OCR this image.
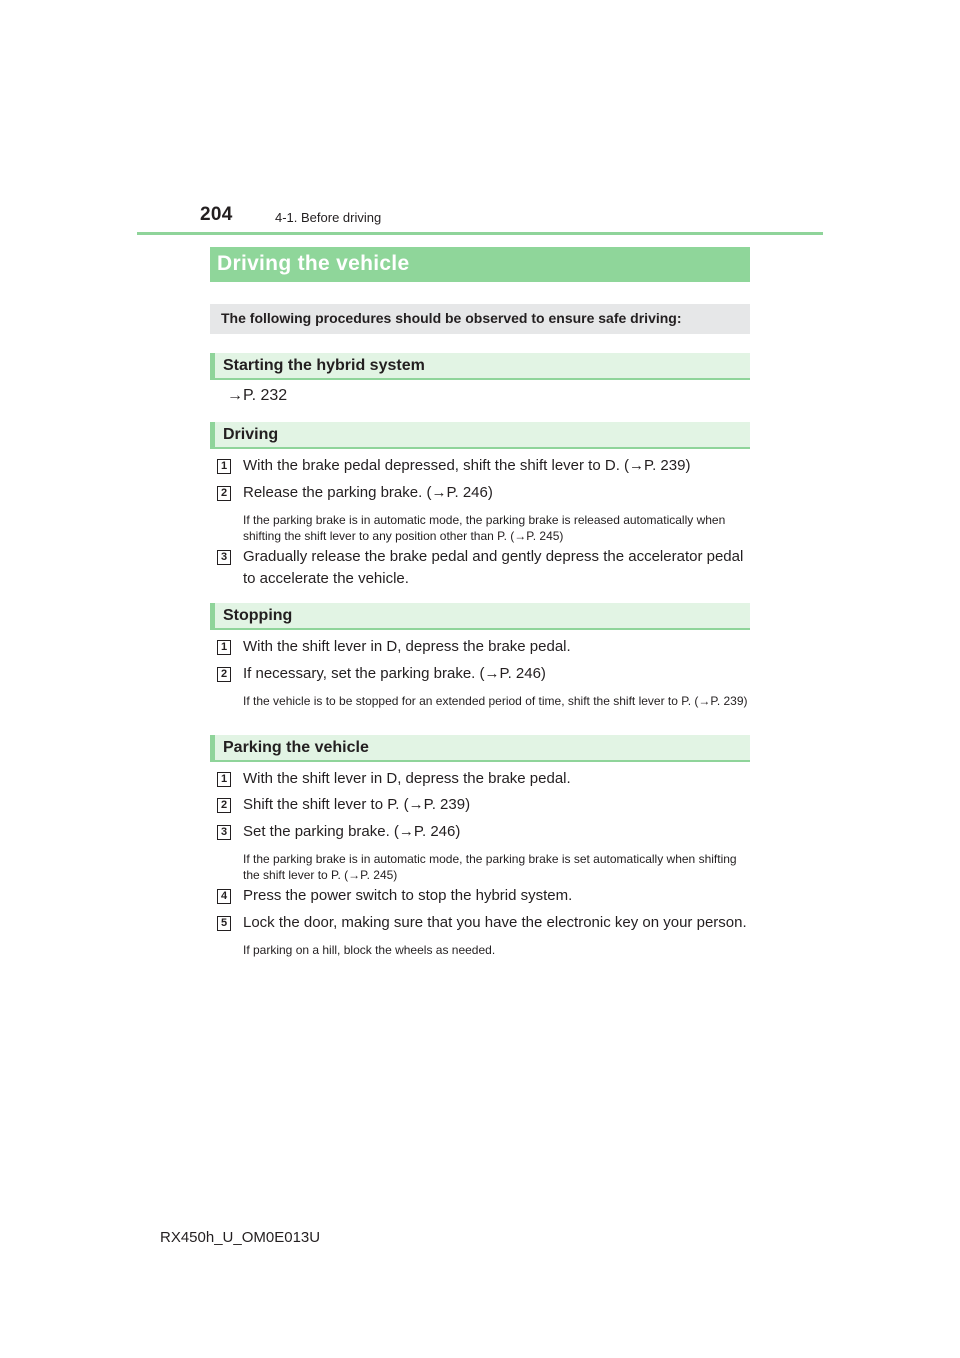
204	4-1. Before driving
Driving the vehicle
The following procedures should be observed to ensure safe driving:
Starting the hybrid system
→P. 232
Driving
1 With the brake pedal depressed, shift the shift lever to D. (→P. 239)
2 Release the parking brake. (→P. 246)
If the parking brake is in automatic mode, the parking brake is released automatically when shifting the shift lever to any position other than P. (→P. 245)
3 Gradually release the brake pedal and gently depress the accelerator pedal to accelerate the vehicle.
Stopping
1 With the shift lever in D, depress the brake pedal.
2 If necessary, set the parking brake. (→P. 246)
If the vehicle is to be stopped for an extended period of time, shift the shift lever to P. (→P. 239)
Parking the vehicle
1 With the shift lever in D, depress the brake pedal.
2 Shift the shift lever to P. (→P. 239)
3 Set the parking brake. (→P. 246)
If the parking brake is in automatic mode, the parking brake is set automatically when shifting the shift lever to P. (→P. 245)
4 Press the power switch to stop the hybrid system.
5 Lock the door, making sure that you have the electronic key on your person.
If parking on a hill, block the wheels as needed.
RX450h_U_OM0E013U
